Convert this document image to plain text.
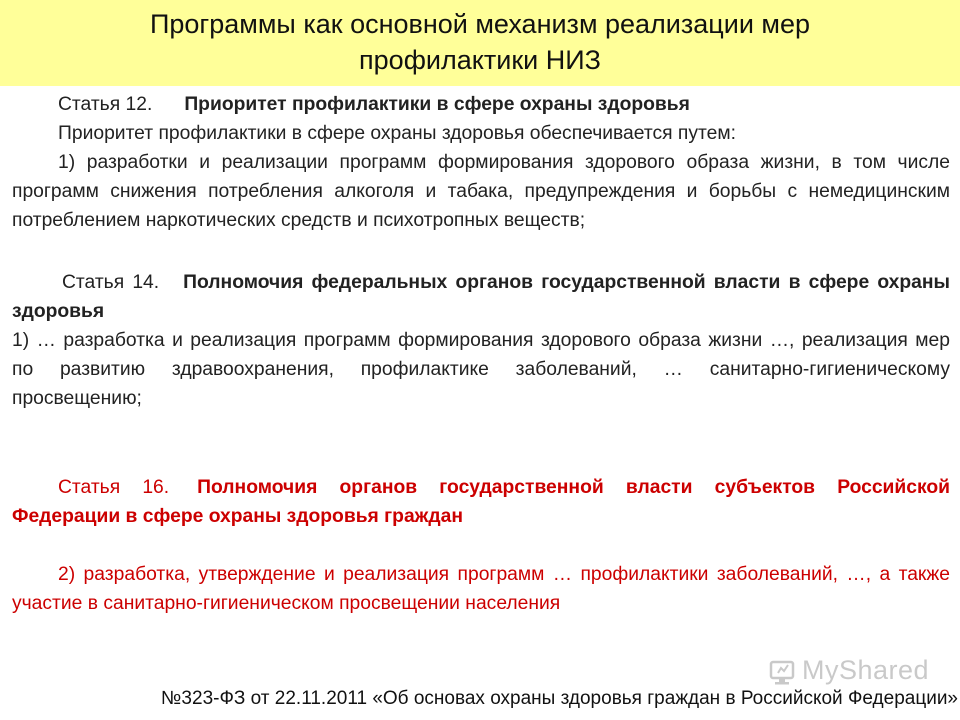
Программы как основной механизм реализации мер
профилактики НИЗ

Статья 12. Приоритет профилактики в сфере охраны здоровья

Приоритет профилактики в сфере охраны здоровья обеспечивается путем:

1) разработки и реализации программ формирования здорового образа жизни, в том числе программ снижения потребления алкоголя и табака, предупреждения и борьбы с немедицинским потреблением наркотических средств и психотропных веществ;

Статья 14. Полномочия федеральных органов государственной власти в сфере охраны здоровья

1) … разработка и реализация программ формирования здорового образа жизни …, реализация мер по развитию здравоохранения, профилактике заболеваний, … санитарно-гигиеническому просвещению;

Статья 16. Полномочия органов государственной власти субъектов Российской Федерации в сфере охраны здоровья граждан

2) разработка, утверждение и реализация программ … профилактики заболеваний, …, а также участие в санитарно-гигиеническом просвещении населения

MyShared
№323-ФЗ от 22.11.2011 «Об основах охраны здоровья граждан в Российской Федерации»
